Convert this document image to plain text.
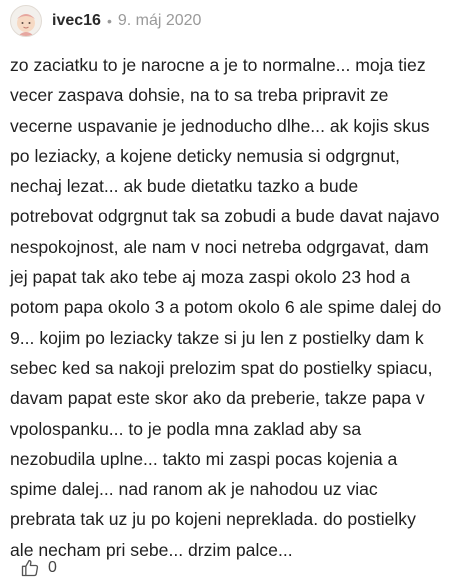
ivec16 • 9. máj 2020
zo zaciatku to je narocne a je to normalne... moja tiez
vecer zaspava dohsie, na to sa treba pripravit ze
vecerne uspavanie je jednoducho dlhe... ak kojis skus
po leziacky, a kojene deticky nemusia si odgrgnut,
nechaj lezat... ak bude dietatku tazko a bude
potrebovat odgrgnut tak sa zobudi a bude davat najavo
nespokojnost, ale nam v noci netreba odgrgavat, dam
jej papat tak ako tebe aj moza zaspi okolo 23 hod a
potom papa okolo 3 a potom okolo 6 ale spime dalej do
9... kojim po leziacky takze si ju len z postielky dam k
sebec ked sa nakoji prelozim spat do postielky spiacu,
davam papat este skor ako da preberie, takze papa v
vpolospanku... to je podla mna zaklad aby sa
nezobudila uplne... takto mi zaspi pocas kojenia a
spime dalej... nad ranom ak je nahodou uz viac
prebrata tak uz ju po kojeni nepreklada. do postielky
ale necham pri sebe... drzim palce...
0
